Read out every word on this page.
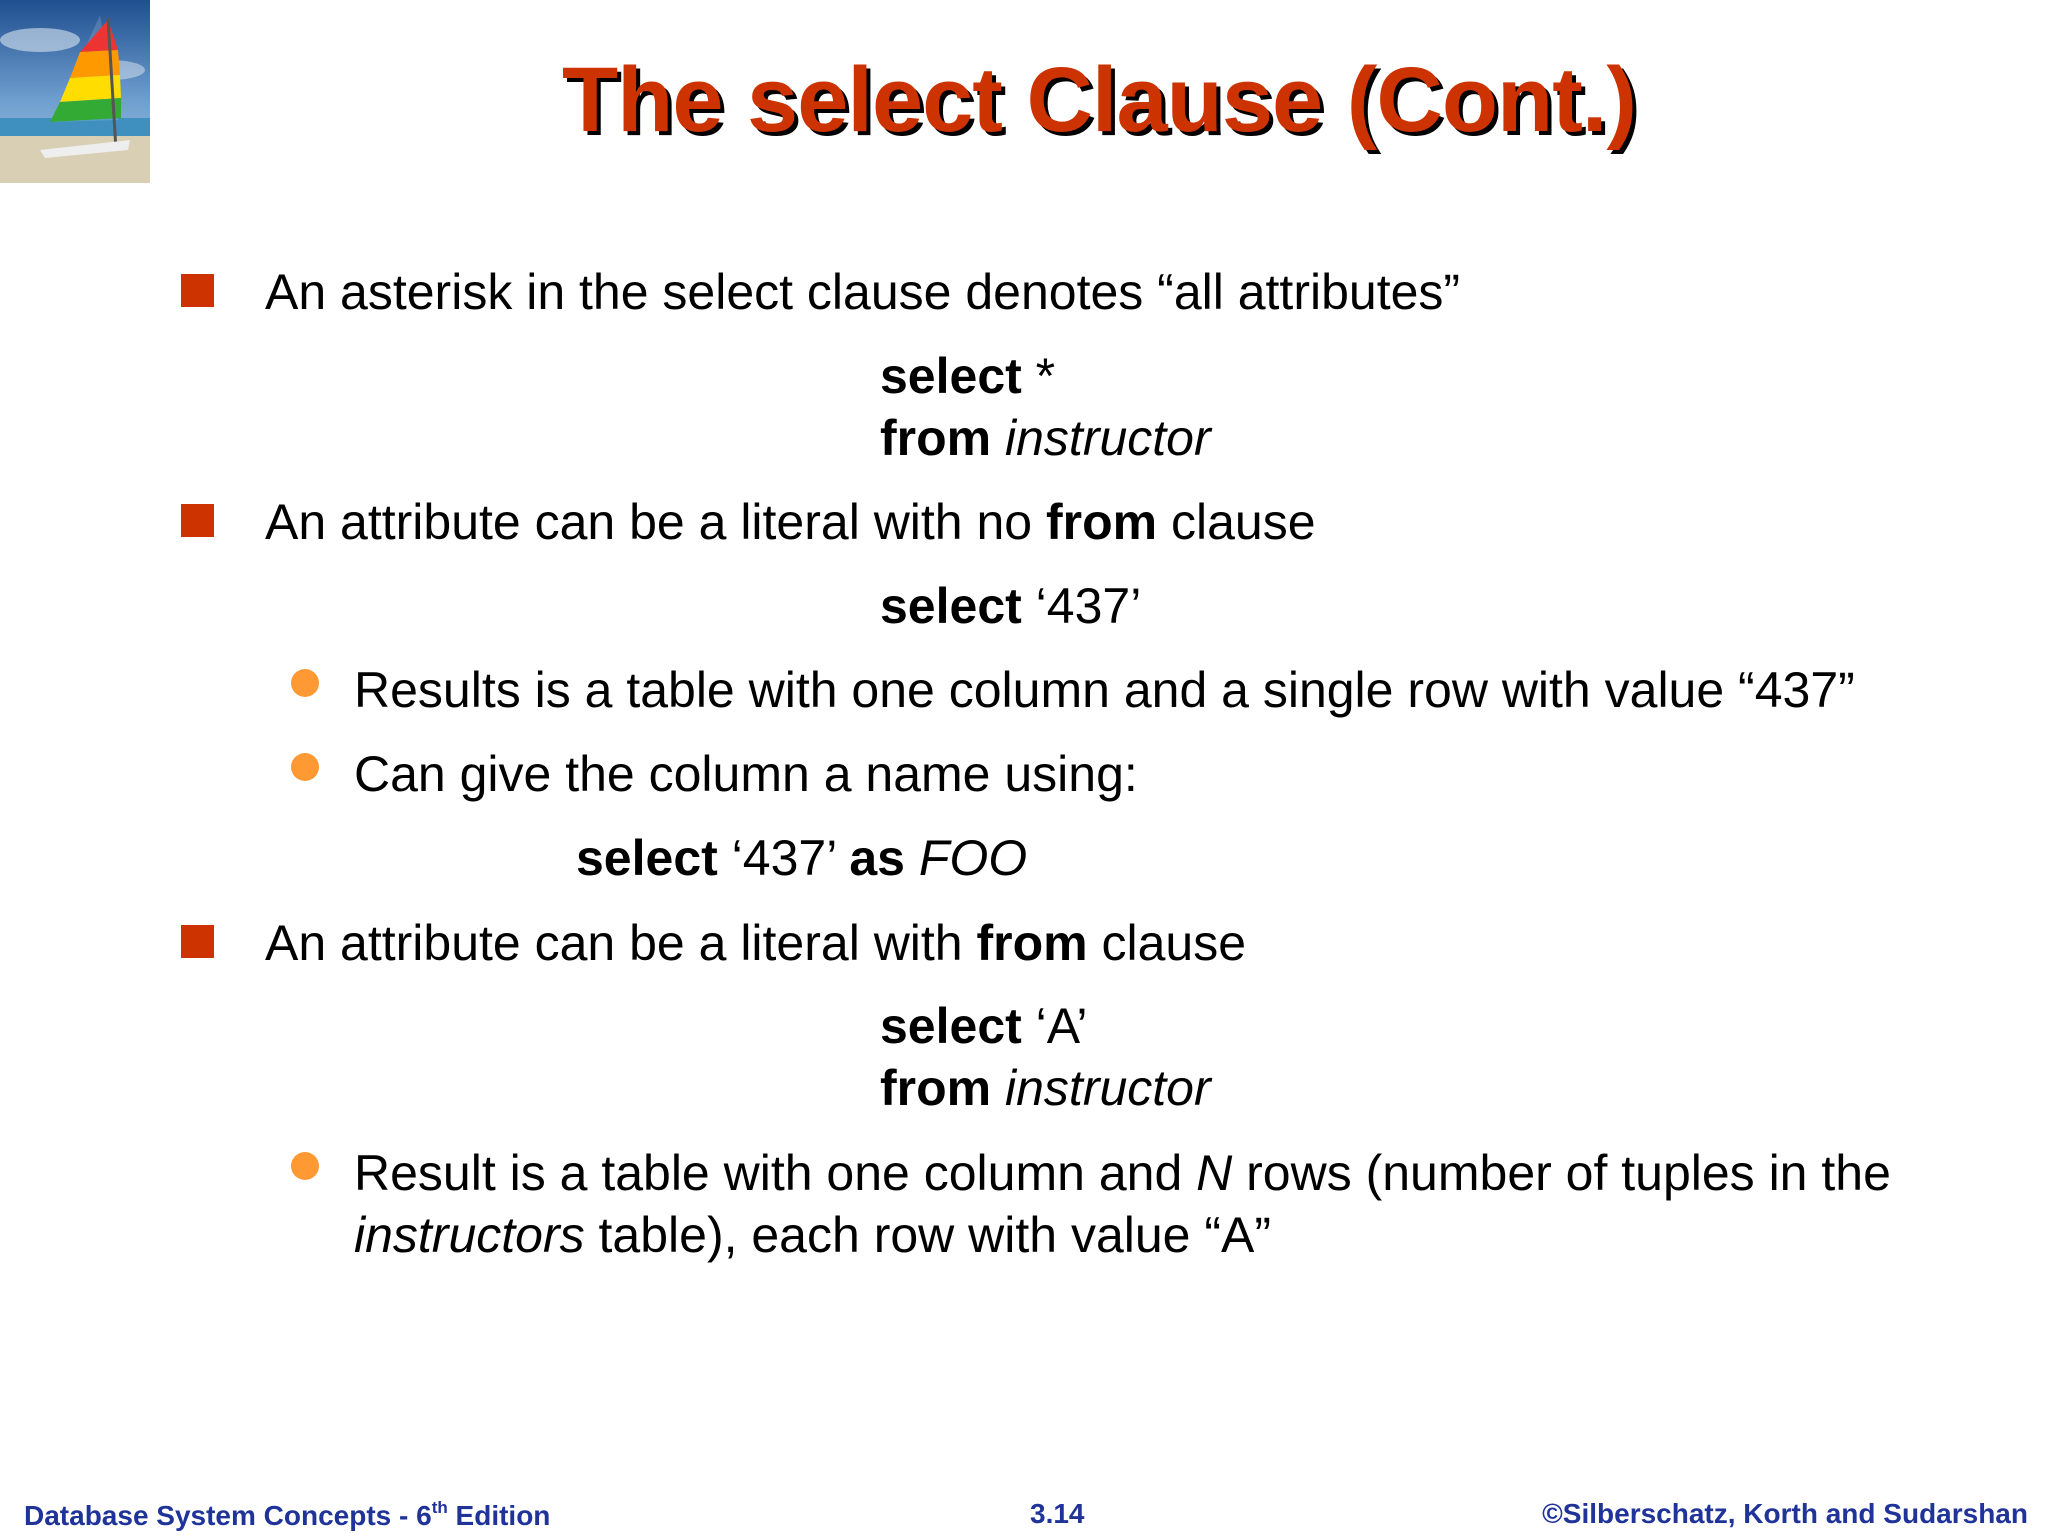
The select Clause (Cont.)
An asterisk in the select clause denotes “all attributes”
select *
from instructor
An attribute can be a literal with no from clause
select ‘437’
Results is a table with one column and a single row with value “437”
Can give the column a name using:
select ‘437’ as FOO
An attribute can be a literal with from clause
select ‘A’
from instructor
Result is a table with one column and N rows (number of tuples in the
instructors table), each row with value “A”
Database System Concepts - 6th Edition	3.14	©Silberschatz, Korth and Sudarshan
